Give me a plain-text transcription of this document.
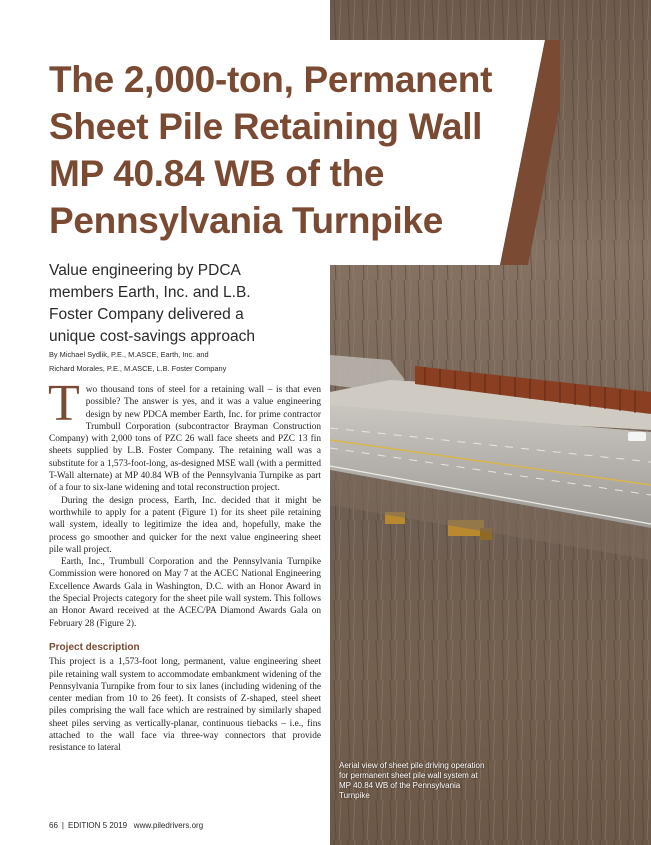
The 2,000-ton, Permanent
Sheet Pile Retaining Wall
MP 40.84 WB of the
Pennsylvania Turnpike
Value engineering by PDCA
members Earth, Inc. and L.B.
Foster Company delivered a
unique cost-savings approach
By Michael Sydlik, P.E., M.ASCE, Earth, Inc. and
Richard Morales, P.E., M.ASCE, L.B. Foster Company

Two thousand tons of steel for a retaining wall – is that even possible? The answer is yes, and it was a value engineering design by new PDCA member Earth, Inc. for prime contractor Trumbull Corporation (subcontractor Brayman Construction Company) with 2,000 tons of PZC 26 wall face sheets and PZC 13 fin sheets supplied by L.B. Foster Company. The retaining wall was a substitute for a 1,573-foot-long, as-designed MSE wall (with a permitted T-Wall alternate) at MP 40.84 WB of the Pennsylvania Turnpike as part of a four to six-lane widening and total reconstruction project.

During the design process, Earth, Inc. decided that it might be worthwhile to apply for a patent (Figure 1) for its sheet pile retaining wall system, ideally to legitimize the idea and, hopefully, make the process go smoother and quicker for the next value engineering sheet pile wall project.

Earth, Inc., Trumbull Corporation and the Pennsylvania Turnpike Commission were honored on May 7 at the ACEC National Engineering Excellence Awards Gala in Washington, D.C. with an Honor Award in the Special Projects category for the sheet pile wall system. This follows an Honor Award received at the ACEC/PA Diamond Awards Gala on February 28 (Figure 2).

Project description

This project is a 1,573-foot long, permanent, value engineering sheet pile retaining wall system to accommodate embankment widening of the Pennsylvania Turnpike from four to six lanes (including widening of the center median from 10 to 26 feet). It consists of Z-shaped, steel sheet piles comprising the wall face which are restrained by similarly shaped sheet piles serving as vertically-planar, continuous tiebacks – i.e., fins attached to the wall face via three-way connectors that provide resistance to lateral

Aerial view of sheet pile driving operation for permanent sheet pile wall system at MP 40.84 WB of the Pennsylvania Turnpike
66 | EDITION 5 2019 www.piledrivers.org
